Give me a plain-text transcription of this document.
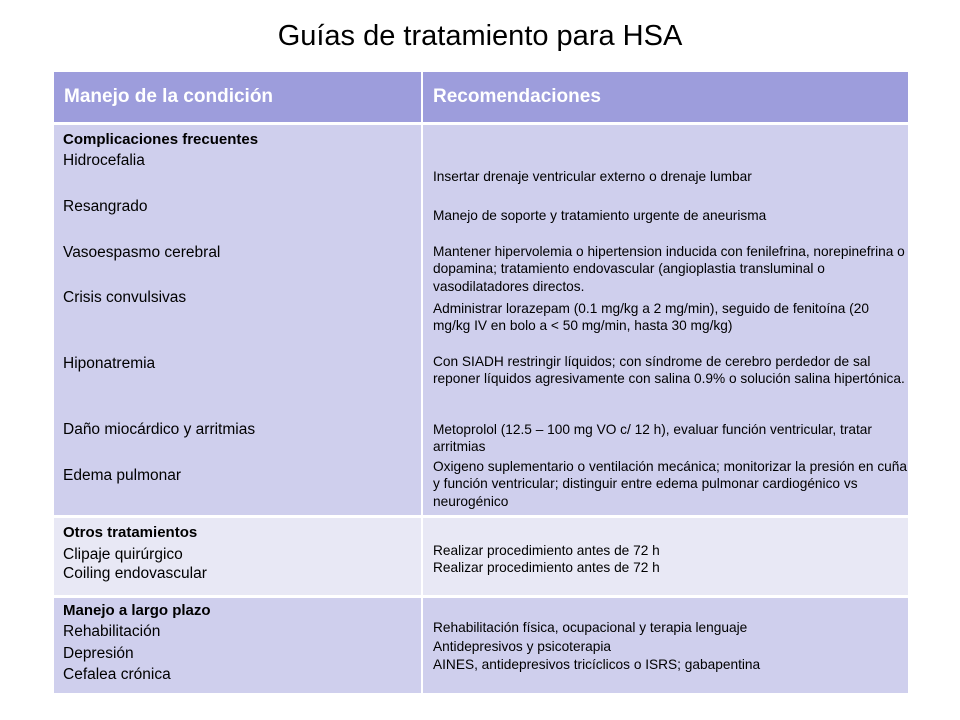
Guías de tratamiento para HSA
Manejo de la condición	Recomendaciones
Complicaciones frecuentes
Hidrocefalia
Resangrado
Vasoespasmo cerebral
Crisis convulsivas
Hiponatremia
Daño miocárdico y arritmias
Edema pulmonar
Insertar drenaje ventricular externo o drenaje lumbar
Manejo de soporte y tratamiento urgente de aneurisma
Mantener hipervolemia o hipertension inducida con fenilefrina, norepinefrina o dopamina; tratamiento endovascular (angioplastia transluminal o vasodilatadores directos.
Administrar lorazepam (0.1 mg/kg a 2 mg/min), seguido de fenitoína (20 mg/kg IV en bolo a < 50 mg/min, hasta 30 mg/kg)
Con SIADH restringir líquidos; con síndrome de cerebro perdedor de sal reponer líquidos agresivamente con salina 0.9% o solución salina hipertónica.
Metoprolol (12.5 – 100 mg VO c/ 12 h), evaluar función ventricular, tratar arritmias
Oxigeno suplementario o ventilación mecánica; monitorizar la presión en cuña y función ventricular; distinguir entre edema pulmonar cardiogénico vs neurogénico
Otros tratamientos
Clipaje quirúrgico
Coiling endovascular
Realizar procedimiento antes de 72 h
Realizar procedimiento antes de 72 h
Manejo a largo plazo
Rehabilitación
Depresión
Cefalea crónica
Rehabilitación física, ocupacional y terapia lenguaje
Antidepresivos y psicoterapia
AINES, antidepresivos tricíclicos o ISRS; gabapentina
